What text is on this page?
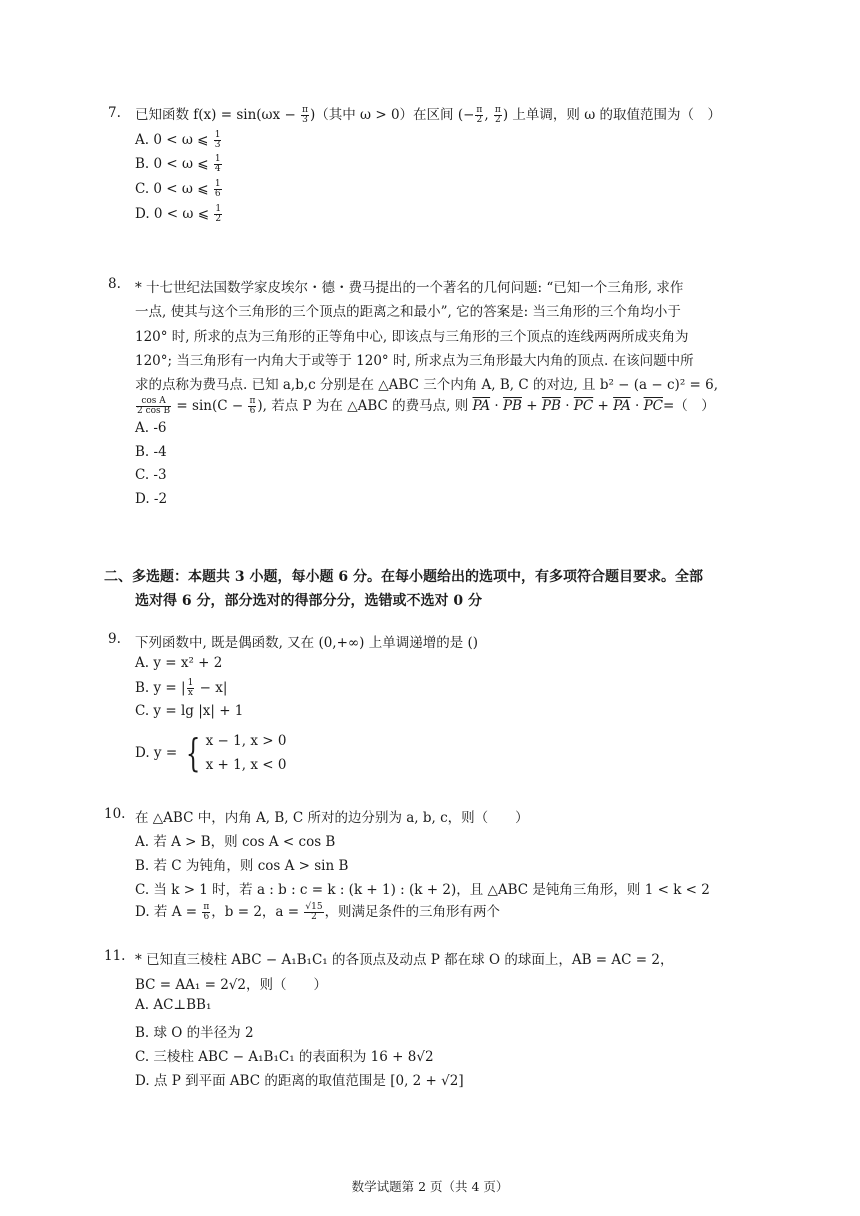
7. 已知函数 $f(x) = \sin(\omega x - \frac{\pi}{3}$ )（其中 ω > 0）在区间 (− $\frac{\pi}{2}$ , $\frac{\pi}{2}$ ) 上单调，则 ω 的取值范围为（　）
A. 0 < ω ⩽ $\frac{1}{3}$
B. 0 < ω ⩽ $\frac{1}{4}$
C. 0 < ω ⩽ $\frac{1}{6}$
D. 0 < ω ⩽ $\frac{1}{2}$
8. * 十七世纪法国数学家皮埃尔・德・费马提出的一个著名的几何问题: “已知一个三角形, 求作
一点, 使其与这个三角形的三个顶点的距离之和最小”, 它的答案是: 当三角形的三个角均小于
120° 时, 所求的点为三角形的正等角中心, 即该点与三角形的三个顶点的连线两两所成夹角为
120°; 当三角形有一内角大于或等于 120° 时, 所求点为三角形最大内角的顶点. 在该问题中所
求的点称为费马点. 已知 a,b,c 分别是在 △ABC 三个内角 A, B, C 的对边, 且 b² − (a − c)² = 6,
$\frac{\text{cos A}}{\text{2 cos B}} = \sin(C - \frac{\pi}{6}$ ), 若点 P 为在 △ABC 的费马点, 则 $\overline{PA} \cdot \overline{PB} + \overline{PB} \cdot \overline{PC} + \overline{PA} \cdot \overline{PC}=$（　）
A. -6
B. -4
C. -3
D. -2
二、多选题：本题共 3 小题，每小题 6 分。在每小题给出的选项中，有多项符合题目要求。全部
选对得 6 分，部分选对的得部分分，选错或不选对 0 分
9. 下列函数中, 既是偶函数, 又在 (0,+∞) 上单调递增的是 ()
A. y = x² + 2
B. y = | $\frac{1}{x} - x|$
C. y = lg |x| + 1
D. y = { x − 1, x > 0
x + 1, x < 0
10. 在 △ABC 中，内角 A, B, C 所对的边分别为 a, b, c，则（　　）
A. 若 A > B，则 cos A < cos B
B. 若 C 为钝角，则 cos A > sin B
C. 当 k > 1 时，若 a : b : c = k : (k + 1) : (k + 2)，且 △ABC 是钝角三角形，则 1 < k < 2
D. 若 $A = \frac{\pi}{6}$ ，b = 2，$a = \frac{√15}{2}$ ，则满足条件的三角形有两个
11. * 已知直三棱柱 ABC − A₁B₁C₁ 的各顶点及动点 P 都在球 O 的球面上，AB = AC = 2，
BC = AA₁ = 2√2，则（　　）
A. AC⊥BB₁
B. 球 O 的半径为 2
C. 三棱柱 ABC − A₁B₁C₁ 的表面积为 16 + 8√2
D. 点 P 到平面 ABC 的距离的取值范围是 [0, 2 + √2]
数学试题第 2 页（共 4 页）
